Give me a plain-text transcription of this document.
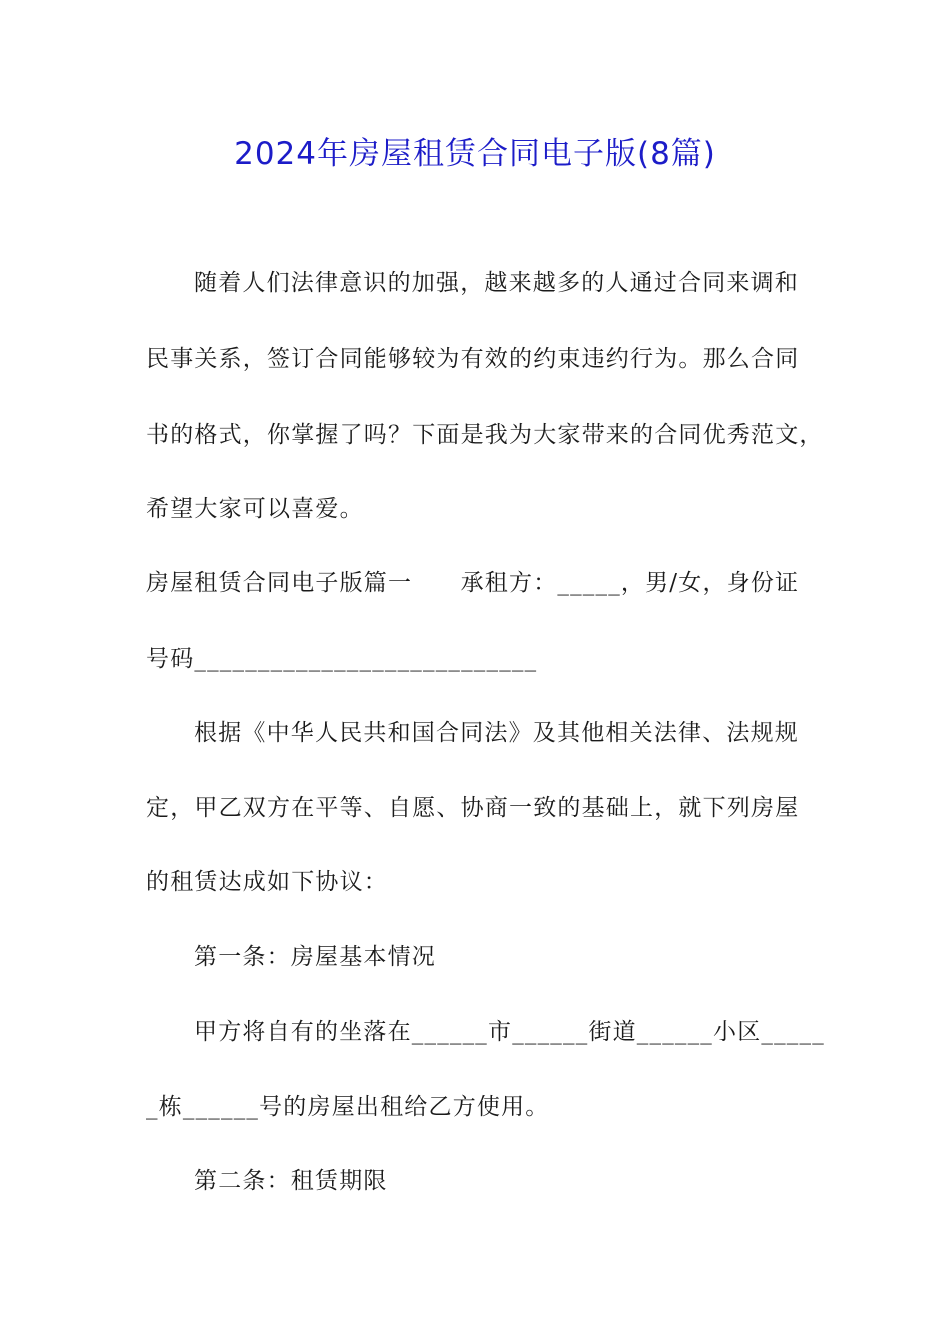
2024年房屋租赁合同电子版(8篇)
随着人们法律意识的加强，越来越多的人通过合同来调和
民事关系，签订合同能够较为有效的约束违约行为。那么合同
书的格式，你掌握了吗？下面是我为大家带来的合同优秀范文，
希望大家可以喜爱。
房屋租赁合同电子版篇一　　承租方：_____，男/女，身份证
号码___________________________
根据《中华人民共和国合同法》及其他相关法律、法规规
定，甲乙双方在平等、自愿、协商一致的基础上，就下列房屋
的租赁达成如下协议：
第一条：房屋基本情况
甲方将自有的坐落在______市______街道______小区_____
_栋______号的房屋出租给乙方使用。
第二条：租赁期限
